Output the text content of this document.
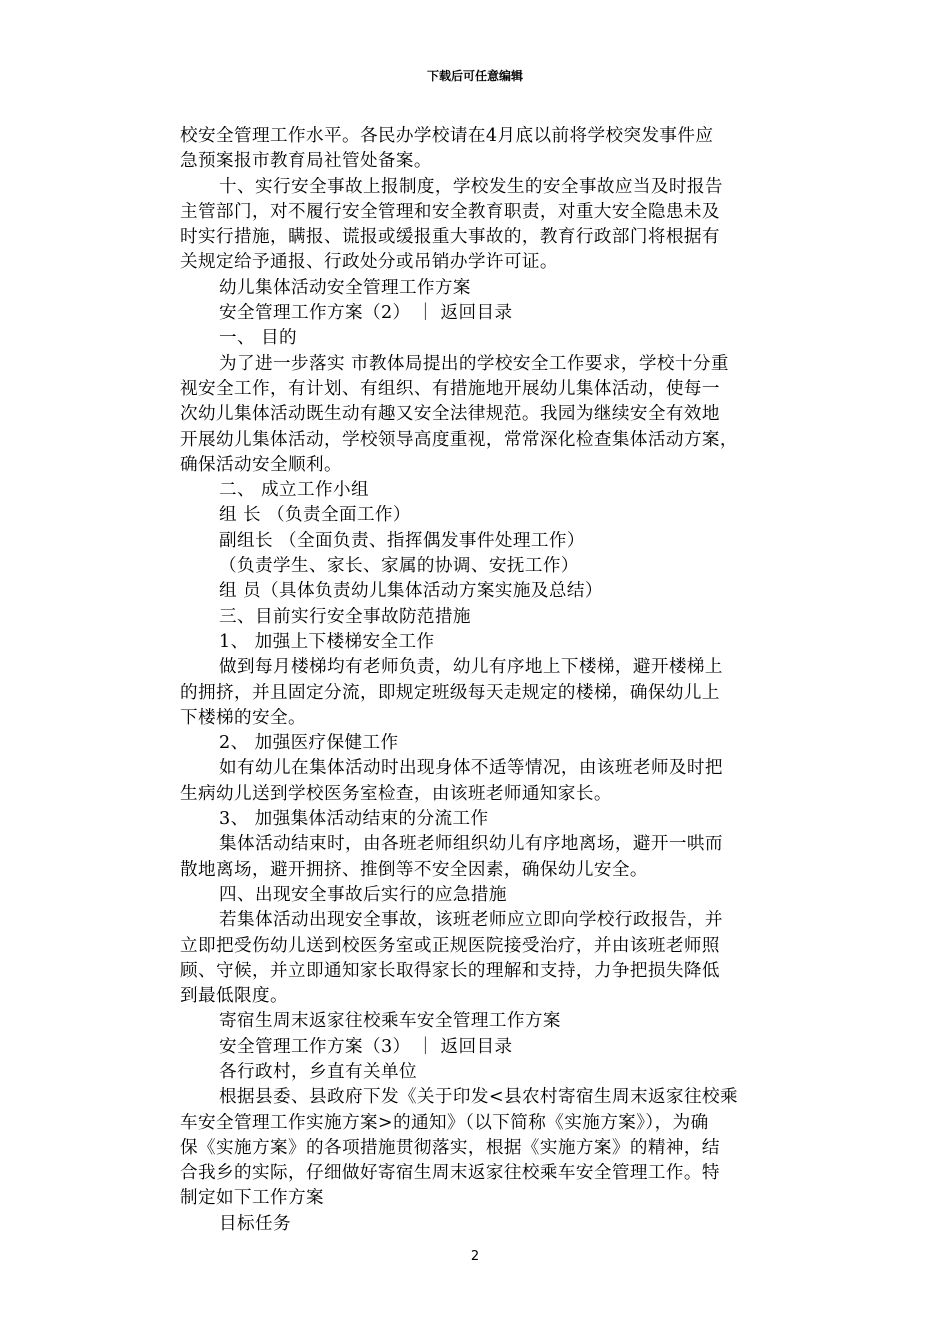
下载后可任意编辑
校安全管理工作水平。各民办学校请在4月底以前将学校突发事件应
急预案报市教育局社管处备案。
十、实行安全事故上报制度，学校发生的安全事故应当及时报告
主管部门，对不履行安全管理和安全教育职责，对重大安全隐患未及
时实行措施，瞒报、谎报或缓报重大事故的，教育行政部门将根据有
关规定给予通报、行政处分或吊销办学许可证。
幼儿集体活动安全管理工作方案
安全管理工作方案（2） ｜ 返回目录
一、 目的
为了进一步落实 市教体局提出的学校安全工作要求，学校十分重
视安全工作，有计划、有组织、有措施地开展幼儿集体活动，使每一
次幼儿集体活动既生动有趣又安全法律规范。我园为继续安全有效地
开展幼儿集体活动，学校领导高度重视，常常深化检查集体活动方案，
确保活动安全顺利。
二、 成立工作小组
组 长 （负责全面工作）
副组长 （全面负责、指挥偶发事件处理工作）
（负责学生、家长、家属的协调、安抚工作）
组 员（具体负责幼儿集体活动方案实施及总结）
三、目前实行安全事故防范措施
1、 加强上下楼梯安全工作
做到每月楼梯均有老师负责，幼儿有序地上下楼梯，避开楼梯上
的拥挤，并且固定分流，即规定班级每天走规定的楼梯，确保幼儿上
下楼梯的安全。
2、 加强医疗保健工作
如有幼儿在集体活动时出现身体不适等情况，由该班老师及时把
生病幼儿送到学校医务室检查，由该班老师通知家长。
3、 加强集体活动结束的分流工作
集体活动结束时，由各班老师组织幼儿有序地离场，避开一哄而
散地离场，避开拥挤、推倒等不安全因素，确保幼儿安全。
四、出现安全事故后实行的应急措施
若集体活动出现安全事故，该班老师应立即向学校行政报告，并
立即把受伤幼儿送到校医务室或正规医院接受治疗，并由该班老师照
顾、守候，并立即通知家长取得家长的理解和支持，力争把损失降低
到最低限度。
寄宿生周末返家往校乘车安全管理工作方案
安全管理工作方案（3） ｜ 返回目录
各行政村，乡直有关单位
根据县委、县政府下发《关于印发<县农村寄宿生周末返家往校乘
车安全管理工作实施方案>的通知》（以下简称《实施方案》），为确
保《实施方案》的各项措施贯彻落实，根据《实施方案》的精神，结
合我乡的实际，仔细做好寄宿生周末返家往校乘车安全管理工作。特
制定如下工作方案
目标任务
2
